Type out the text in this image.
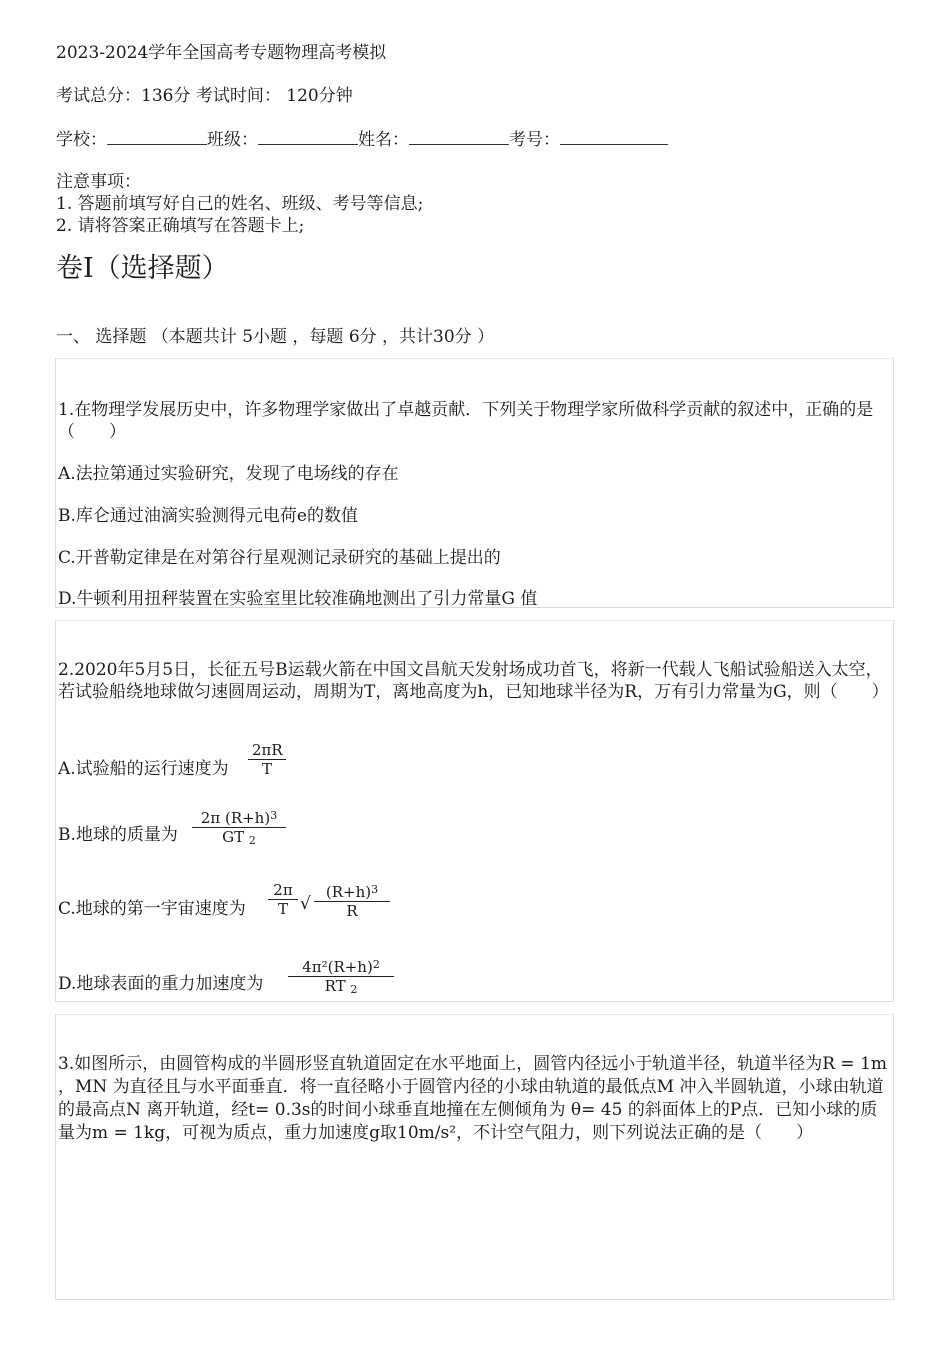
2023-2024学年全国高考专题物理高考模拟
考试总分：136分 考试时间： 120分钟
学校：	班级：	姓名：	考号：
注意事项：
1. 答题前填写好自己的姓名、班级、考号等信息;
2. 请将答案正确填写在答题卡上;
卷Ⅰ（选择题）
一、 选择题 （本题共计 5小题 ，每题 6分 ，共计30分 ）
1.在物理学发展历史中，许多物理学家做出了卓越贡献．下列关于物理学家所做科学贡献的叙述中，正确的是（　　）
A.法拉第通过实验研究，发现了电场线的存在
B.库仑通过油滴实验测得元电荷e的数值
C.开普勒定律是在对第谷行星观测记录研究的基础上提出的
D.牛顿利用扭秤装置在实验室里比较准确地测出了引力常量G 值
2.2020年5月5日，长征五号B运载火箭在中国文昌航天发射场成功首飞，将新一代载人飞船试验船送入太空，若试验船绕地球做匀速圆周运动，周期为T，离地高度为h，已知地球半径为R，万有引力常量为G，则（　　）
A.试验船的运行速度为
2πR
T
B.地球的质量为
2π $(R+h)^3$
GT $_2$
C.地球的第一宇宙速度为
2π
T √
$(R+h)^3$
R
D.地球表面的重力加速度为
$4\pi^2(R+h)^2$
RT $_2$
3.如图所示，由圆管构成的半圆形竖直轨道固定在水平地面上，圆管内径远小于轨道半径，轨道半径为R = 1m ，MN 为直径且与水平面垂直．将一直径略小于圆管内径的小球由轨道的最低点M 冲入半圆轨道，小球由轨道的最高点N 离开轨道，经t= 0.3s的时间小球垂直地撞在左侧倾角为 θ= 45 的斜面体上的P点．已知小球的质量为m = 1kg，可视为质点，重力加速度g取10m/s²，不计空气阻力，则下列说法正确的是（　　）
